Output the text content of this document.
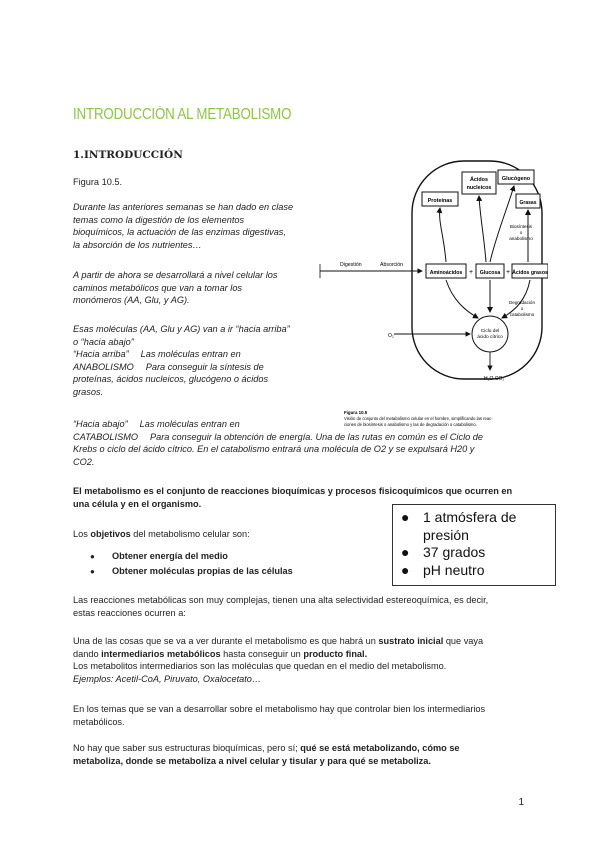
INTRODUCCIÓN AL METABOLISMO
1.INTRODUCCIÓN
Figura 10.5.
Durante las anteriores semanas se han dado en clase
temas como la digestión de los elementos
bioquímicos, la actuación de las enzimas digestivas,
la absorción de los nutrientes…
A partir de ahora se desarrollará a nivel celular los
caminos metabólicos que van a tomar los
monómeros (AA, Glu, y AG).
Esas moléculas (AA, Glu y AG) van a ir “hacia arriba”
o “hacia abajo”
“Hacia arriba” Las moléculas entran en
ANABOLISMO Para conseguir la síntesis de
proteínas, ácidos nucleicos, glucógeno o ácidos
grasos.
“Hacia abajo” Las moléculas entran en
CATABOLISMO Para conseguir la obtención de energía. Una de las rutas en común es el Ciclo de
Krebs o ciclo del ácido cítrico. En el catabolismo entrará una molécula de O2 y se expulsará H20 y
CO2.
Proteínas
Ácidos
nucleicos
Glucógeno
Grasas
Aminoácidos	Glucosa Ácidos grasos
+	+
Digestión	Absorción
Biosíntesis
o
anabolismo
Degradación
o
catabolismo
Ciclo del
ácido cítrico
O₂
H₂O CO₂
Figura 10.5
Visión de conjunto del metabolismo celular en el hombre, simplificando las reac-
ciones de biosíntesis o anabolismo y las de degradación o catabolismo.
El metabolismo es el conjunto de reacciones bioquímicas y procesos fisicoquímicos que ocurren en
una célula y en el organismo.
● 1 atmósfera de
presión
● 37 grados
● pH neutro
Los objetivos del metabolismo celular son:
● Obtener energía del medio
● Obtener moléculas propias de las células
Las reacciones metabólicas son muy complejas, tienen una alta selectividad estereoquímica, es decir,
estas reacciones ocurren a:
Una de las cosas que se va a ver durante el metabolismo es que habrá un sustrato inicial que vaya
dando intermediarios metabólicos hasta conseguir un producto final.
Los metabolitos intermediarios son las moléculas que quedan en el medio del metabolismo.
Ejemplos: Acetil-CoA, Piruvato, Oxalocetato…
En los temas que se van a desarrollar sobre el metabolismo hay que controlar bien los intermediarios
metabólicos.
No hay que saber sus estructuras bioquímicas, pero sí; qué se está metabolizando, cómo se
metaboliza, donde se metaboliza a nivel celular y tisular y para qué se metaboliza.
1
